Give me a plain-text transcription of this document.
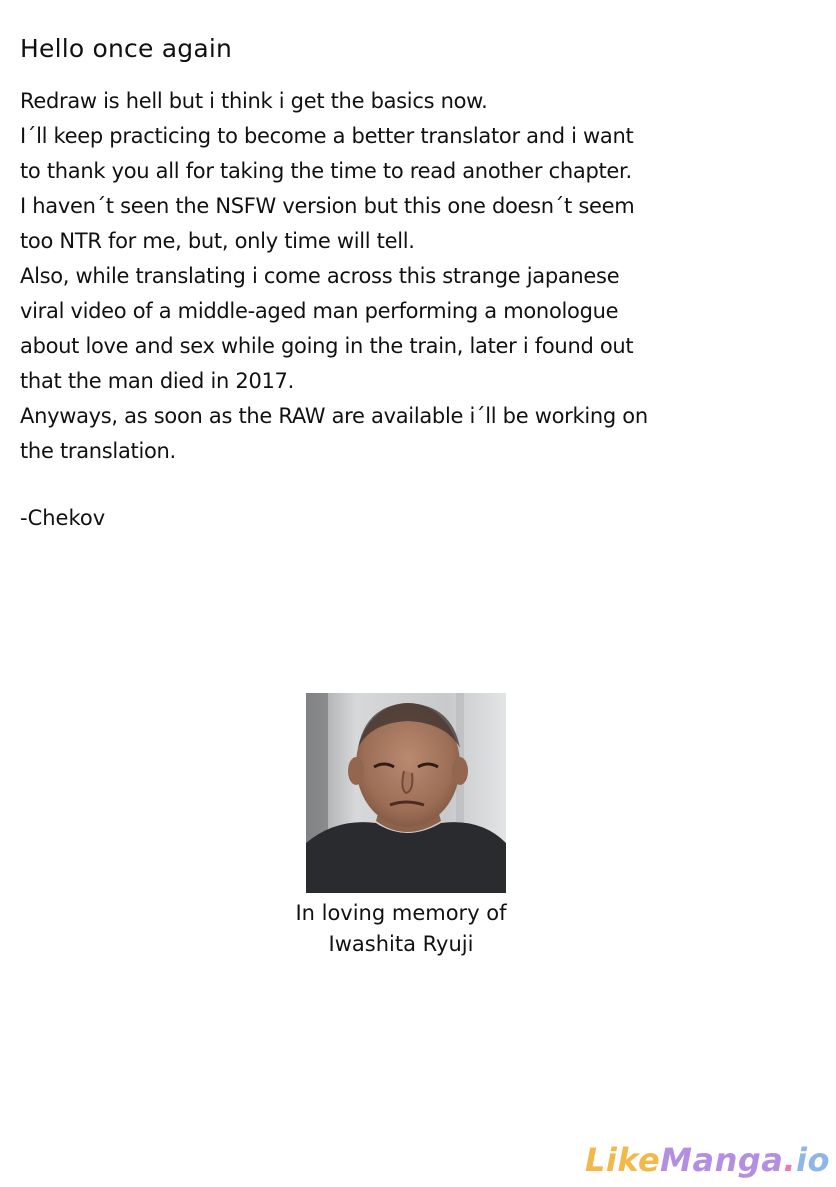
Hello once again
Redraw is hell but i think i get the basics now.
I´ll keep practicing to become a better translator and i want
to thank you all for taking the time to read another chapter.
I haven´t seen the NSFW version but this one doesn´t seem
too NTR for me, but, only time will tell.
Also, while translating i come across this strange japanese
viral video of a middle-aged man performing a monologue
about love and sex while going in the train, later i found out
that the man died in 2017.
Anyways, as soon as the RAW are available i´ll be working on
the translation.
-Chekov
In loving memory of
Iwashita Ryuji
LikeManga.io
